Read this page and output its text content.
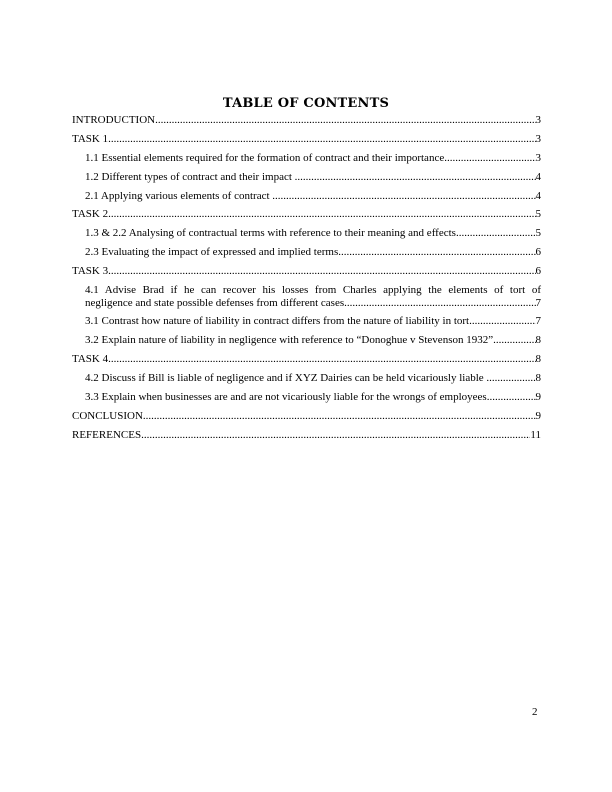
TABLE OF CONTENTS
INTRODUCTION .....	3
TASK 1 .....	3
1.1 Essential elements required for the formation of contract and their importance .....	3
1.2 Different types of contract and their impact .....	4
2.1 Applying various elements of contract .....	4
TASK 2 .....	5
1.3 & 2.2 Analysing of contractual terms with reference to their meaning and effects .....	5
2.3 Evaluating the impact of expressed and implied terms .....	6
TASK 3 .....	6
4.1 Advise Brad if he can recover his losses from Charles applying the elements of tort of
negligence and state possible defenses from different cases .....	7
3.1 Contrast how nature of liability in contract differs from the nature of liability in tort .....	7
3.2 Explain nature of liability in negligence with reference to “Donoghue v Stevenson 1932” .....	8
TASK 4 .....	8
4.2 Discuss if Bill is liable of negligence and if XYZ Dairies can be held vicariously liable .....	8
3.3 Explain when businesses are and are not vicariously liable for the wrongs of employees .....	9
CONCLUSION .....	9
REFERENCES .....	11
2
